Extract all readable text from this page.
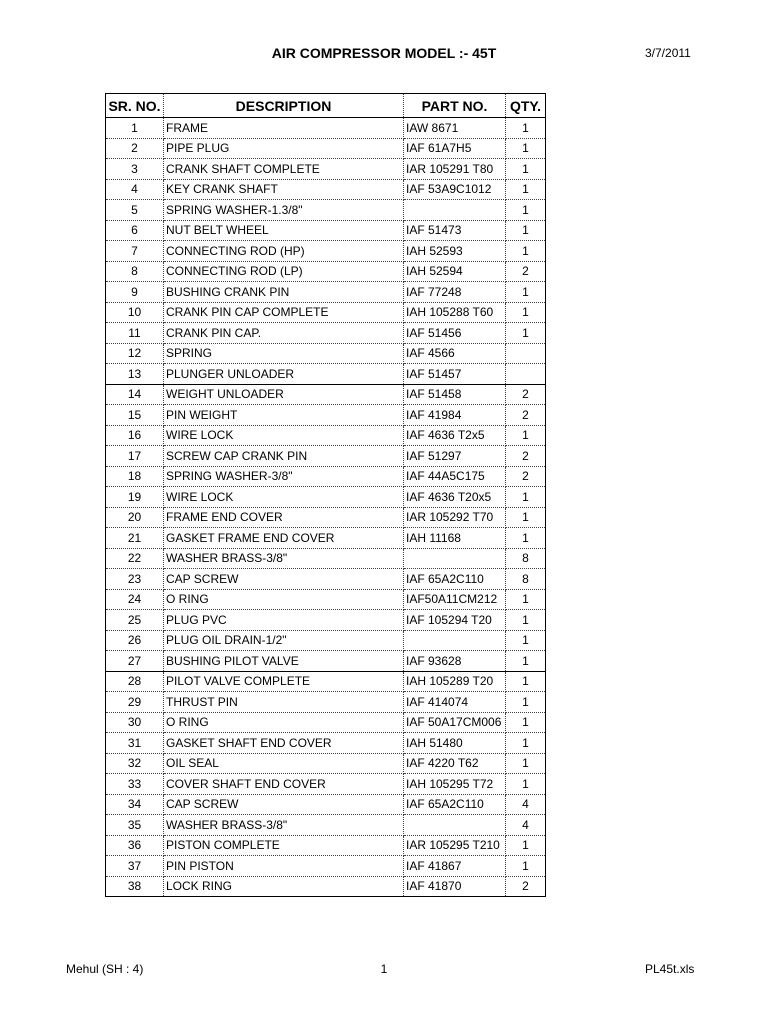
AIR COMPRESSOR MODEL :- 45T	3/7/2011
SR. NO.	DESCRIPTION	PART NO.	QTY.
1	FRAME	IAW 8671	1
2	PIPE PLUG	IAF 61A7H5	1
3	CRANK SHAFT COMPLETE	IAR 105291 T80	1
4	KEY CRANK SHAFT	IAF 53A9C1012	1
5	SPRING WASHER-1.3/8"		1
6	NUT BELT WHEEL	IAF 51473	1
7	CONNECTING ROD (HP)	IAH 52593	1
8	CONNECTING ROD (LP)	IAH 52594	2
9	BUSHING CRANK PIN	IAF 77248	1
10	CRANK PIN CAP COMPLETE	IAH 105288 T60	1
11	CRANK PIN CAP.	IAF 51456	1
12	SPRING	IAF 4566	
13	PLUNGER UNLOADER	IAF 51457	
14	WEIGHT UNLOADER	IAF 51458	2
15	PIN WEIGHT	IAF 41984	2
16	WIRE LOCK	IAF 4636 T2x5	1
17	SCREW CAP CRANK PIN	IAF 51297	2
18	SPRING WASHER-3/8"	IAF 44A5C175	2
19	WIRE LOCK	IAF 4636 T20x5	1
20	FRAME END COVER	IAR 105292 T70	1
21	GASKET FRAME END COVER	IAH 11168	1
22	WASHER BRASS-3/8"		8
23	CAP SCREW	IAF 65A2C110	8
24	O RING	IAF50A11CM212	1
25	PLUG PVC	IAF 105294 T20	1
26	PLUG OIL DRAIN-1/2"		1
27	BUSHING PILOT VALVE	IAF 93628	1
28	PILOT VALVE COMPLETE	IAH 105289 T20	1
29	THRUST PIN	IAF 414074	1
30	O RING	IAF 50A17CM006	1
31	GASKET SHAFT END COVER	IAH 51480	1
32	OIL SEAL	IAF 4220 T62	1
33	COVER SHAFT END COVER	IAH 105295 T72	1
34	CAP SCREW	IAF 65A2C110	4
35	WASHER BRASS-3/8"		4
36	PISTON COMPLETE	IAR 105295 T210	1
37	PIN PISTON	IAF 41867	1
38	LOCK RING	IAF 41870	2
Mehul (SH : 4)	1	PL45t.xls
